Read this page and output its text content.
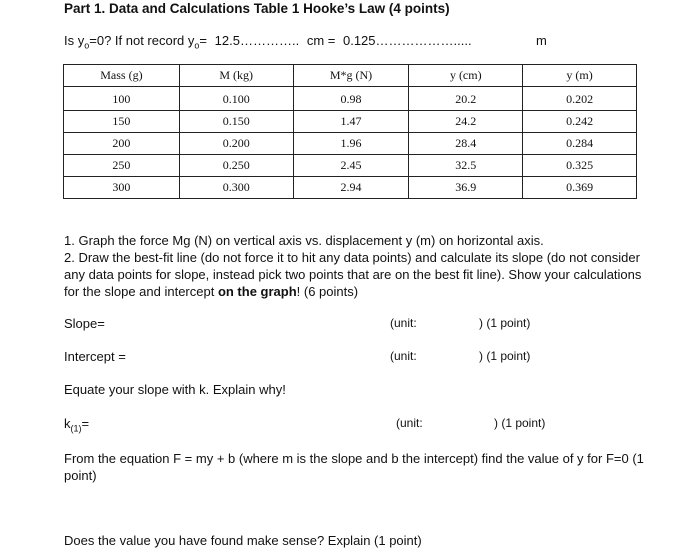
Part 1. Data and Calculations Table 1 Hooke’s Law (4 points)
Is $y_o=0$? If not record $y_o=$ 12.5………….. cm = 0.125……………….....	m
Mass (g)	M (kg)	M*g (N)	y (cm)	y (m)
100	0.100	0.98	20.2	0.202
150	0.150	1.47	24.2	0.242
200	0.200	1.96	28.4	0.284
250	0.250	2.45	32.5	0.325
300	0.300	2.94	36.9	0.369
1. Graph the force Mg (N) on vertical axis vs. displacement y (m) on horizontal axis.
2. Draw the best-fit line (do not force it to hit any data points) and calculate its slope (do not consider any data points for slope, instead pick two points that are on the best fit line). Show your calculations for the slope and intercept on the graph! (6 points)
Slope=	(unit:	) (1 point)
Intercept =	(unit:	) (1 point)
Equate your slope with k. Explain why!
$k_{(1)}=$	(unit:	) (1 point)
From the equation F = my + b (where m is the slope and b the intercept) find the value of y for F=0 (1 point)
Does the value you have found make sense? Explain (1 point)
